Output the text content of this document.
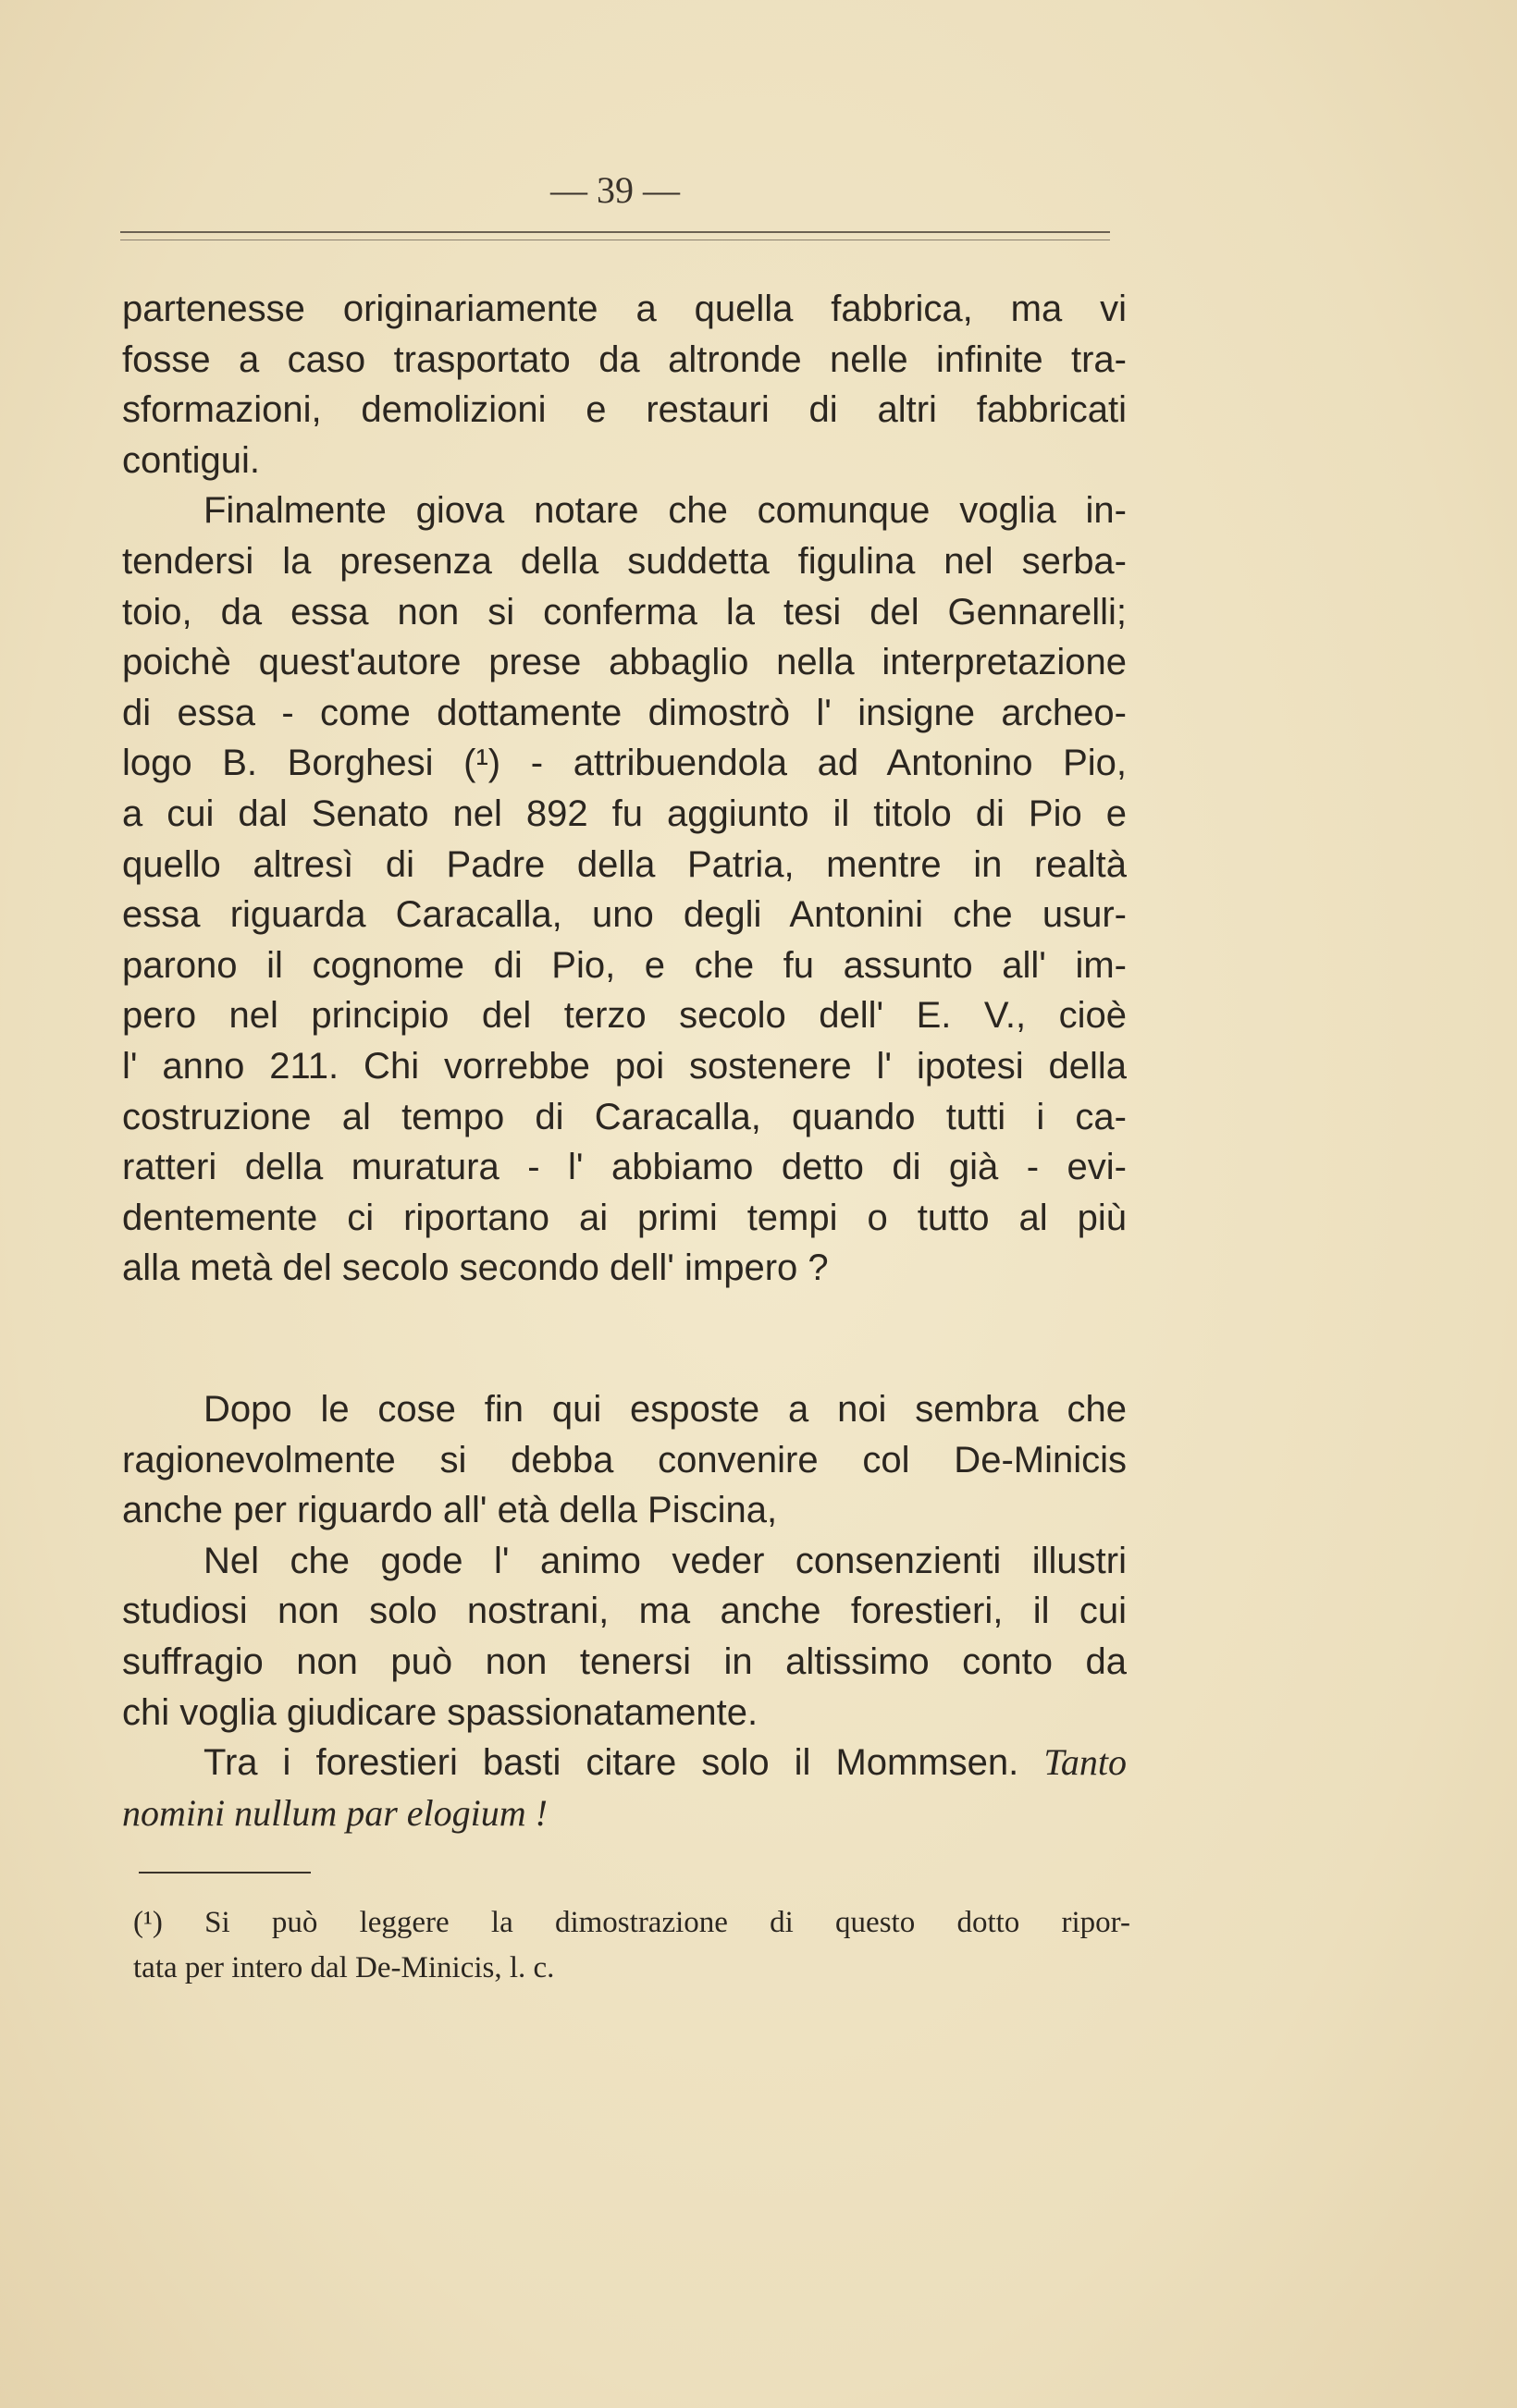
— 39 —
partenesse originariamente a quella fabbrica, ma vi
fosse a caso trasportato da altronde nelle infinite tra-
sformazioni, demolizioni e restauri di altri fabbricati
contigui.
Finalmente giova notare che comunque voglia in-
tendersi la presenza della suddetta figulina nel serba-
toio, da essa non si conferma la tesi del Gennarelli;
poichè quest'autore prese abbaglio nella interpretazione
di essa - come dottamente dimostrò l' insigne archeo-
logo B. Borghesi (¹) - attribuendola ad Antonino Pio,
a cui dal Senato nel 892 fu aggiunto il titolo di Pio e
quello altresì di Padre della Patria, mentre in realtà
essa riguarda Caracalla, uno degli Antonini che usur-
parono il cognome di Pio, e che fu assunto all' im-
pero nel principio del terzo secolo dell' E. V., cioè
l' anno 211. Chi vorrebbe poi sostenere l' ipotesi della
costruzione al tempo di Caracalla, quando tutti i ca-
ratteri della muratura - l' abbiamo detto di già - evi-
dentemente ci riportano ai primi tempi o tutto al più
alla metà del secolo secondo dell' impero ?
Dopo le cose fin qui esposte a noi sembra che
ragionevolmente si debba convenire col De-Minicis
anche per riguardo all' età della Piscina,
Nel che gode l' animo veder consenzienti illustri
studiosi non solo nostrani, ma anche forestieri, il cui
suffragio non può non tenersi in altissimo conto da
chi voglia giudicare spassionatamente.
Tra i forestieri basti citare solo il Mommsen. Tanto
nomini nullum par elogium !
(¹) Si può leggere la dimostrazione di questo dotto ripor-
tata per intero dal De-Minicis, l. c.
